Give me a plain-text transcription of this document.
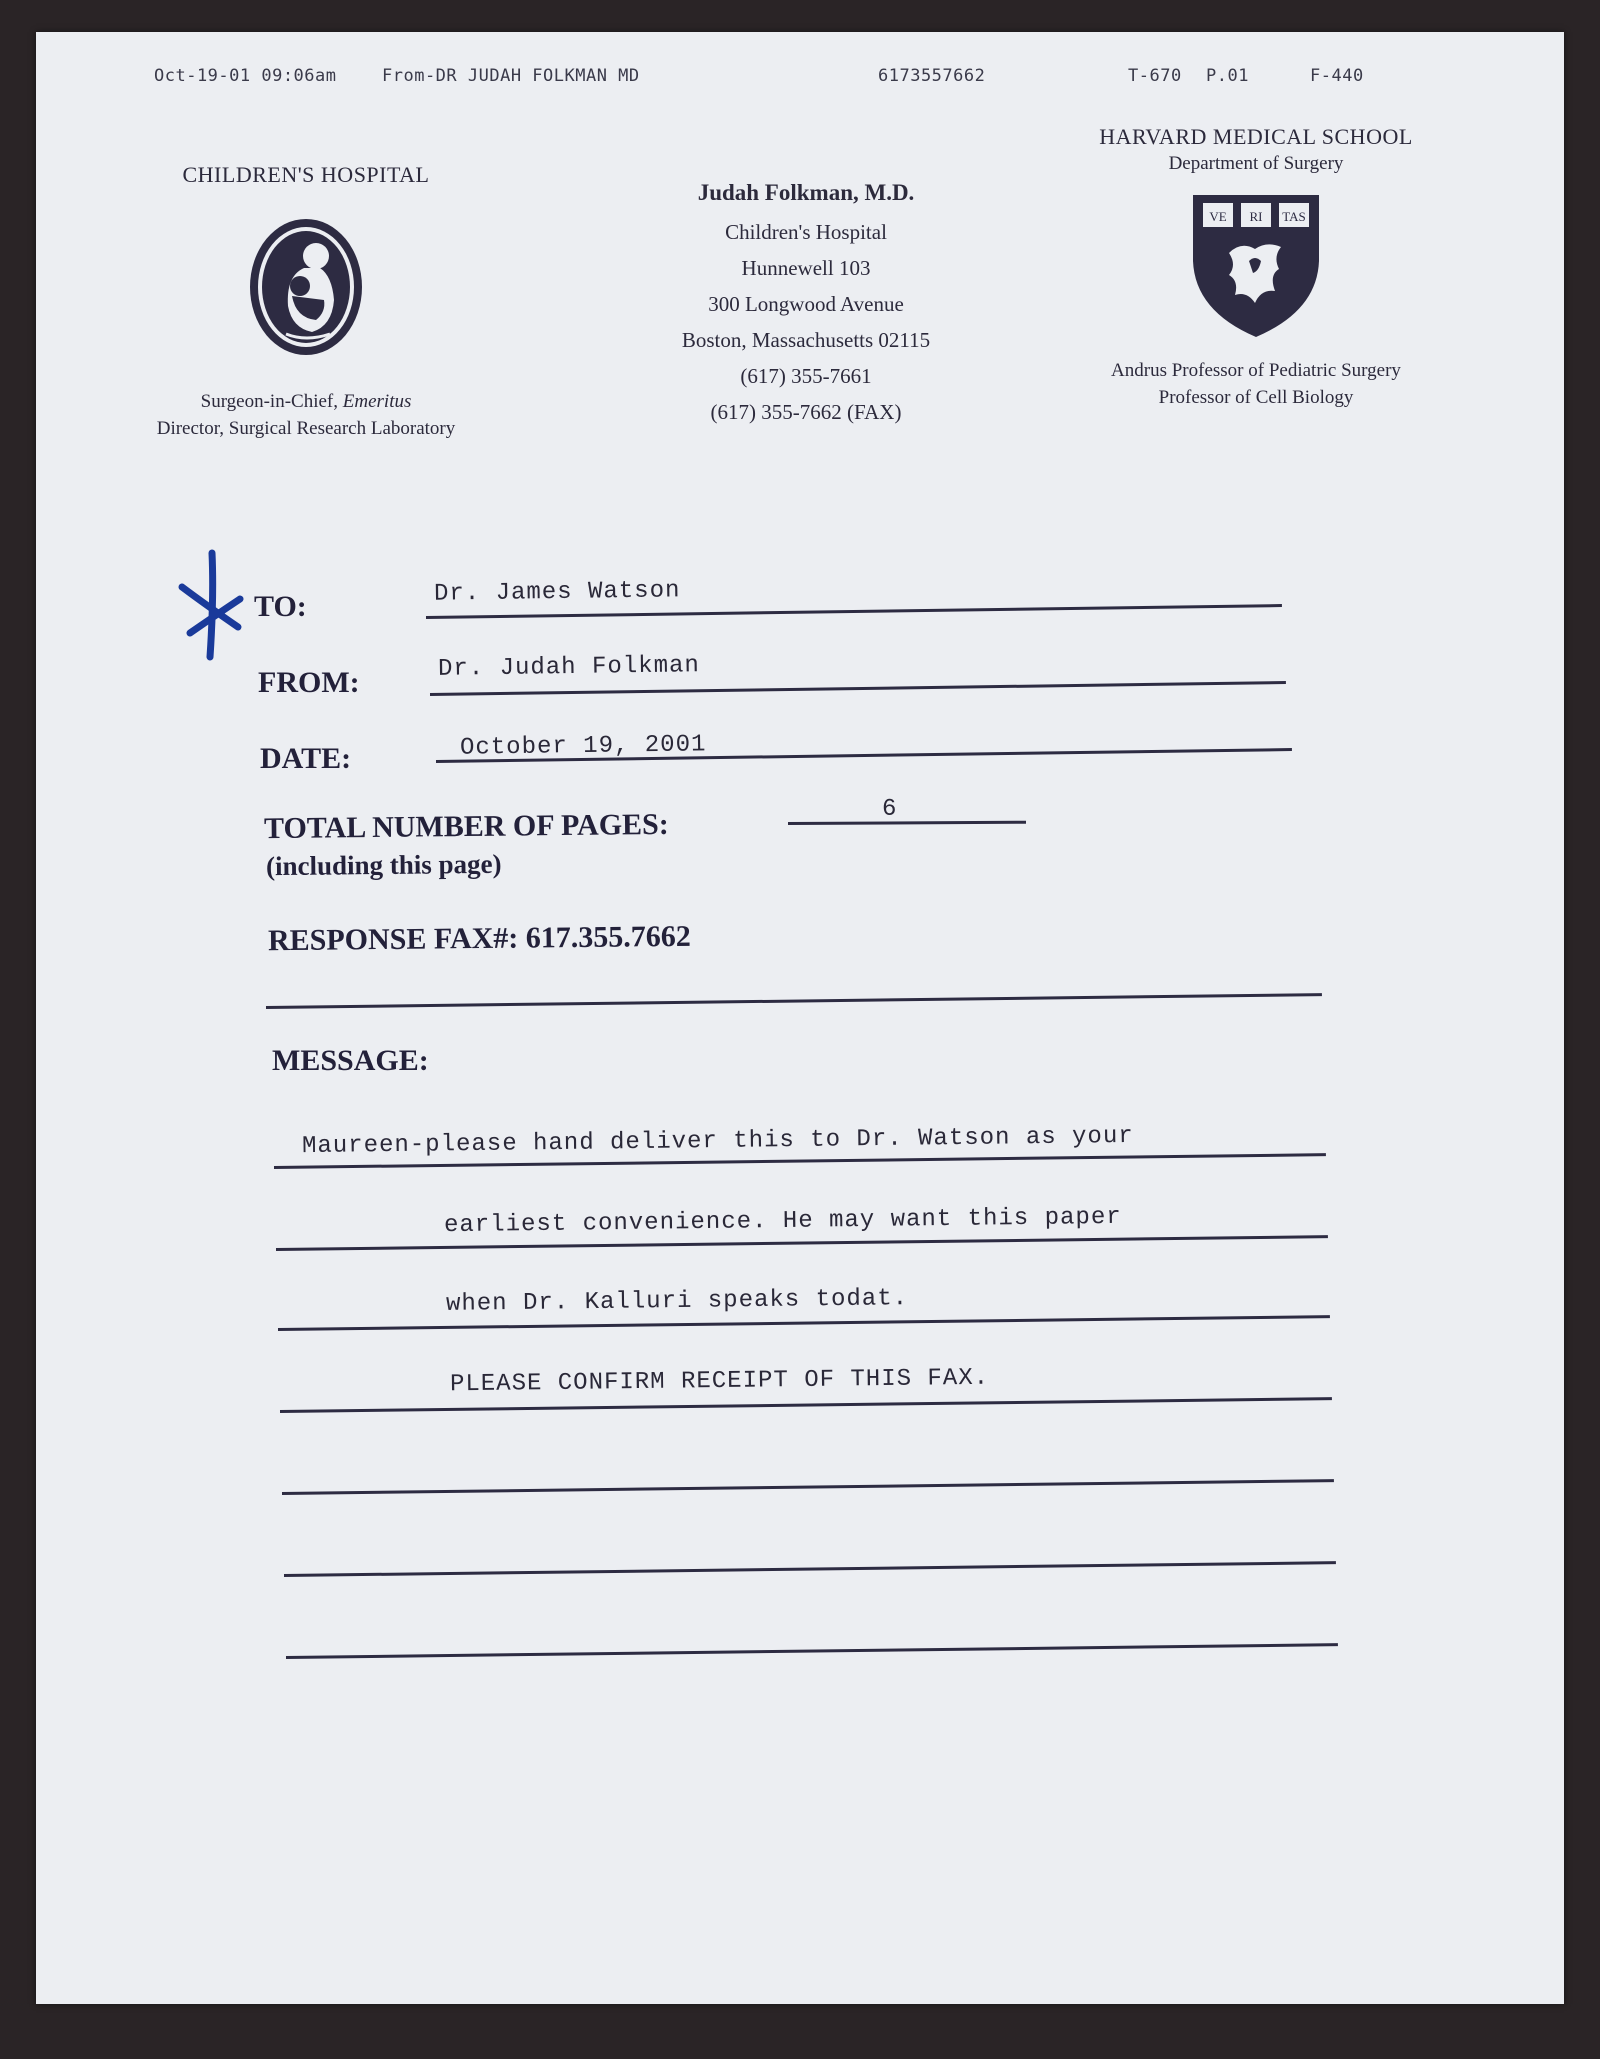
Oct-19-01 09:06am	From-DR JUDAH FOLKMAN MD	6173557662	T-670 P.01	F-440
CHILDREN'S HOSPITAL
Surgeon-in-Chief, Emeritus
Director, Surgical Research Laboratory
Judah Folkman, M.D.
Children's Hospital
Hunnewell 103
300 Longwood Avenue
Boston, Massachusetts 02115
(617) 355-7661
(617) 355-7662 (FAX)
HARVARD MEDICAL SCHOOL
Department of Surgery
VE RI TAS
Andrus Professor of Pediatric Surgery
Professor of Cell Biology
TO:	Dr. James Watson
FROM:	Dr. Judah Folkman
DATE:	October 19, 2001
TOTAL NUMBER OF PAGES:	6
(including this page)
RESPONSE FAX#: 617.355.7662
MESSAGE:
Maureen-please hand deliver this to Dr. Watson as your
earliest convenience. He may want this paper
when Dr. Kalluri speaks todat.
PLEASE CONFIRM RECEIPT OF THIS FAX.
